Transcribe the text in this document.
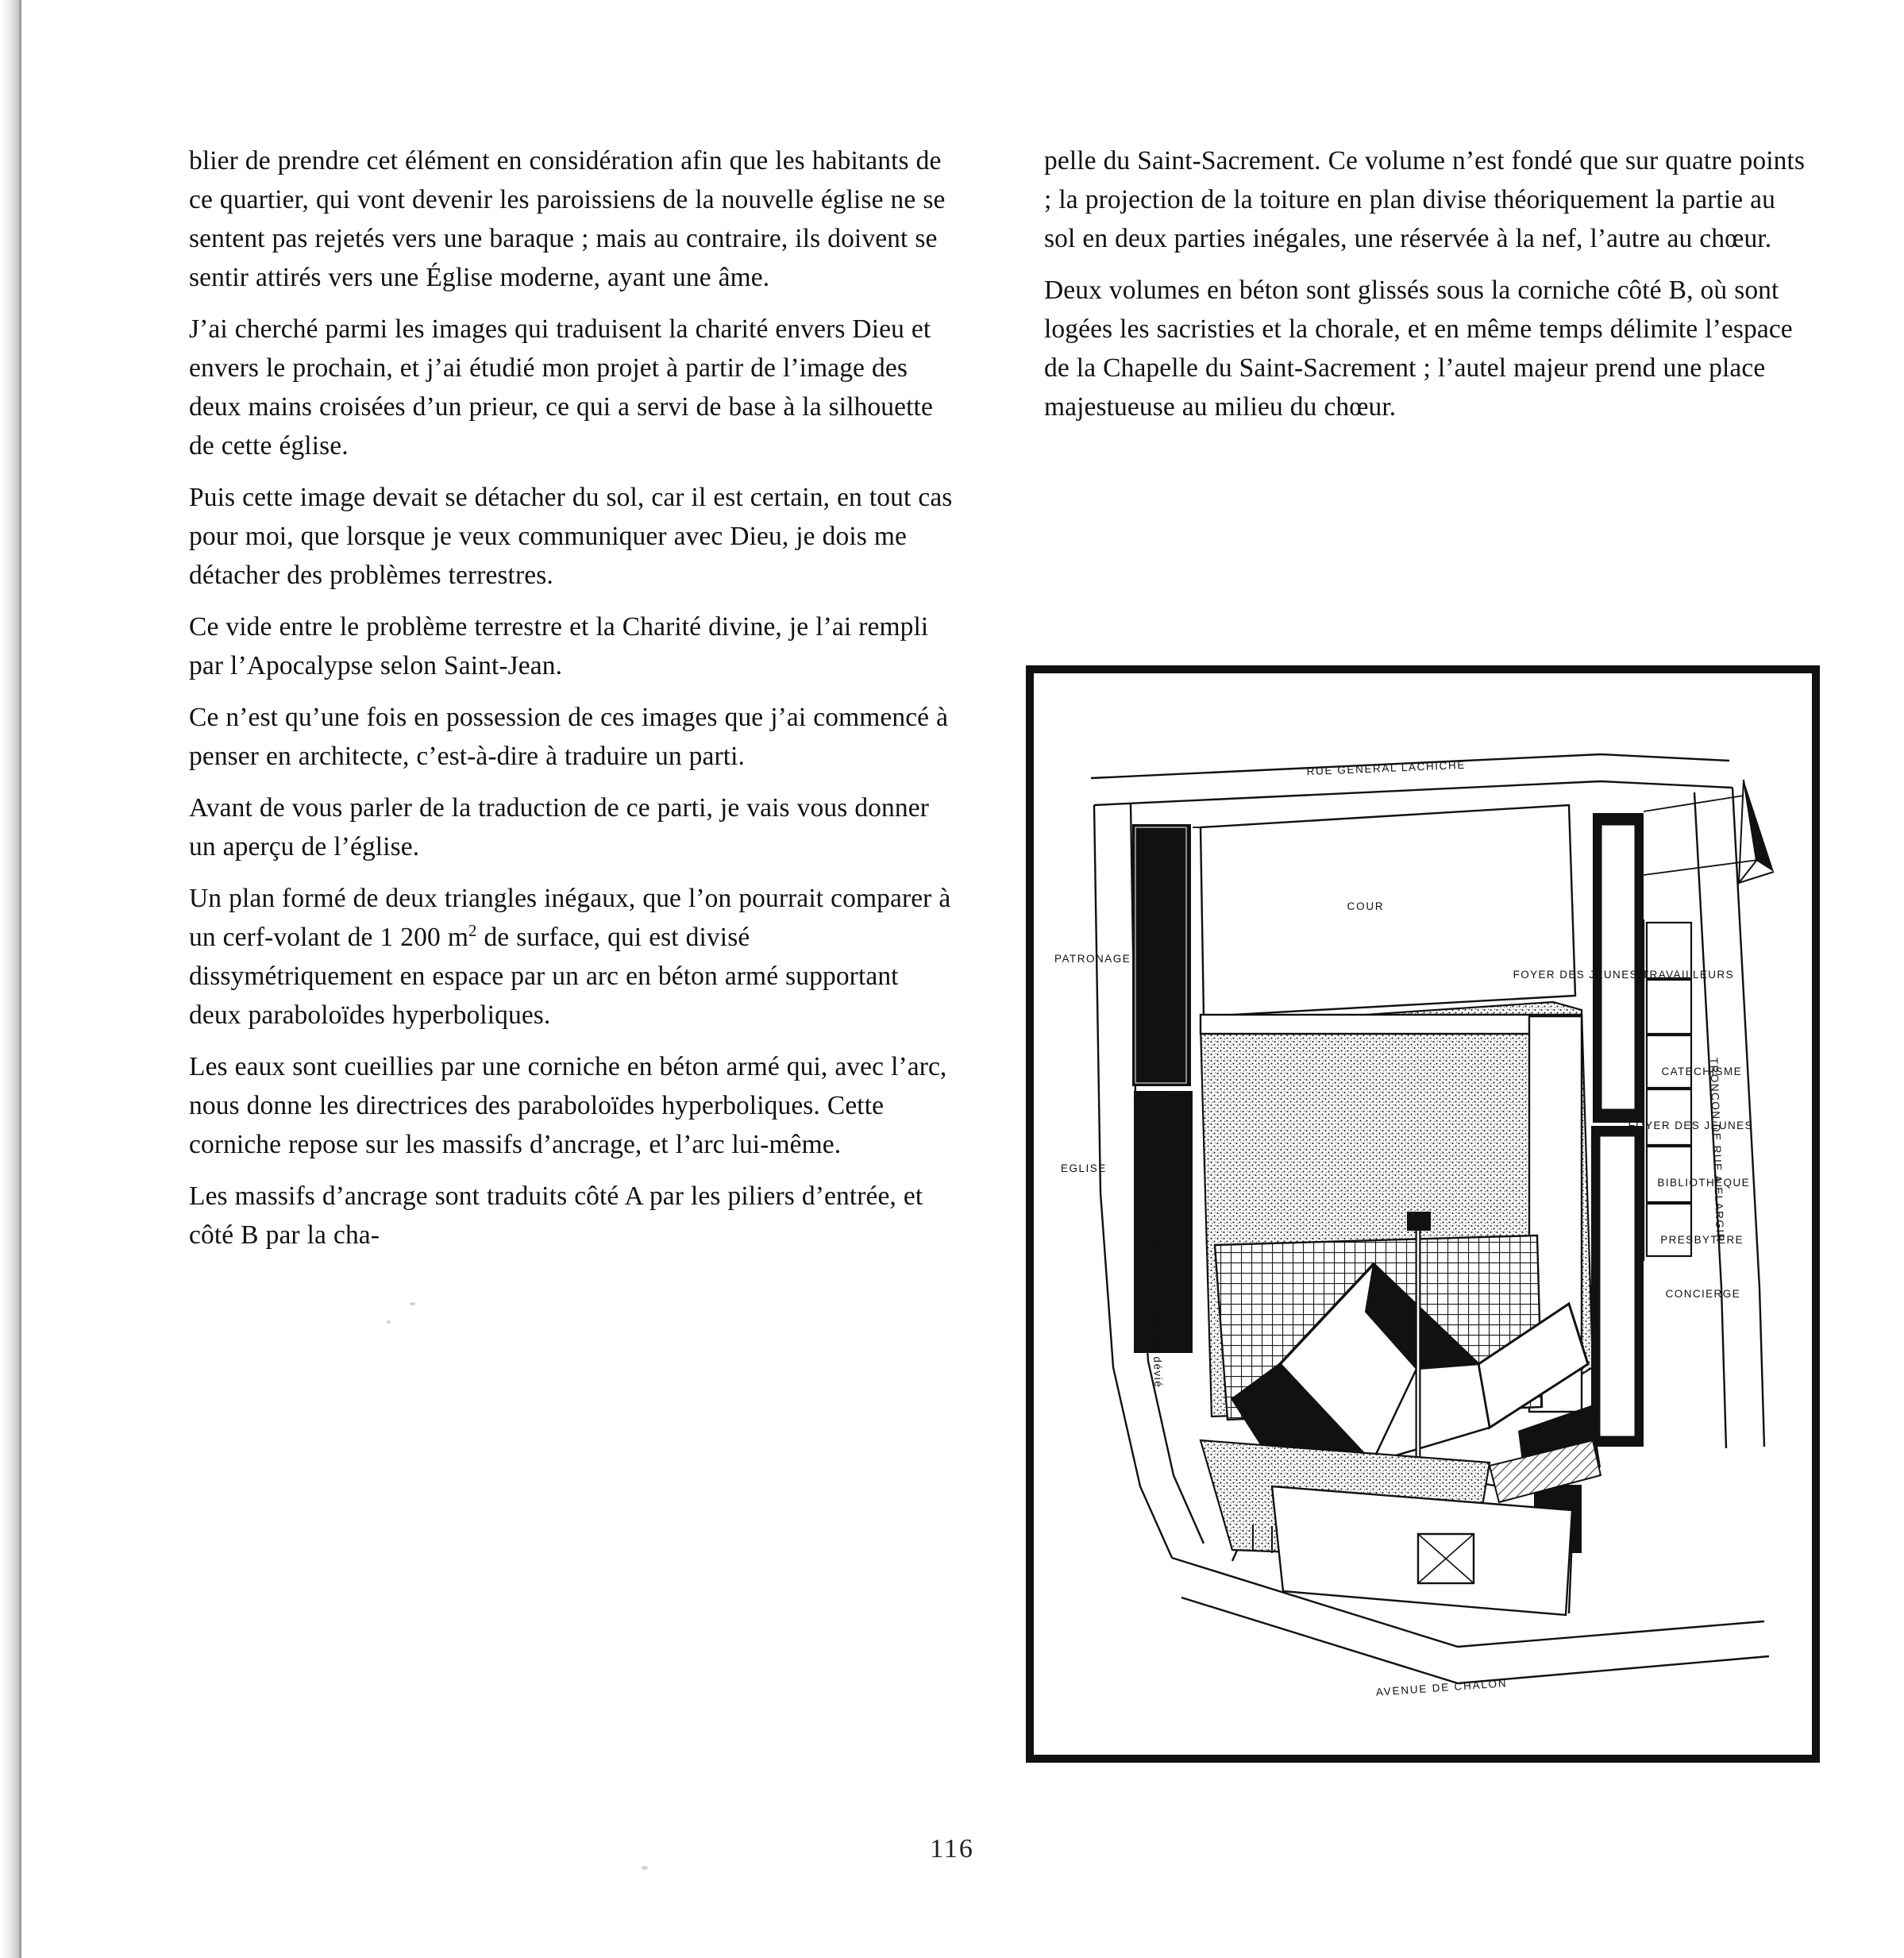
blier de prendre cet élément en considération afin que les habitants de ce quartier, qui vont devenir les paroissiens de la nouvelle église ne se sentent pas rejetés vers une baraque ; mais au contraire, ils doivent se sentir attirés vers une Église moderne, ayant une âme.

J’ai cherché parmi les images qui traduisent la charité envers Dieu et envers le prochain, et j’ai étudié mon projet à partir de l’image des deux mains croisées d’un prieur, ce qui a servi de base à la silhouette de cette église.

Puis cette image devait se détacher du sol, car il est certain, en tout cas pour moi, que lorsque je veux communiquer avec Dieu, je dois me détacher des problèmes terrestres.

Ce vide entre le problème terrestre et la Charité divine, je l’ai rempli par l’Apocalypse selon Saint-Jean.

Ce n’est qu’une fois en possession de ces images que j’ai commencé à penser en architecte, c’est-à-dire à traduire un parti.

Avant de vous parler de la traduction de ce parti, je vais vous donner un aperçu de l’église.

Un plan formé de deux triangles inégaux, que l’on pourrait comparer à un cerf-volant de 1 200 $m^2$ de surface, qui est divisé dissymétriquement en espace par un arc en béton armé supportant deux paraboloïdes hyperboliques.

Les eaux sont cueillies par une corniche en béton armé qui, avec l’arc, nous donne les directrices des paraboloïdes hyperboliques. Cette corniche repose sur les massifs d’ancrage, et l’arc lui-même.

Les massifs d’ancrage sont traduits côté A par les piliers d’entrée, et côté B par la cha-

pelle du Saint-Sacrement. Ce volume n’est fondé que sur quatre points ; la projection de la toiture en plan divise théoriquement la partie au sol en deux parties inégales, une réservée à la nef, l’autre au chœur.

Deux volumes en béton sont glissés sous la corniche côté B, où sont logées les sacristies et la chorale, et en même temps délimite l’espace de la Chapelle du Saint-Sacrement ; l’autel majeur prend une place majestueuse au milieu du chœur.

RUE GENERAL LACHICHE
COUR
PATRONAGE
EGLISE
RUE DE PLUMONT dévié
TRONCON DE RUE A ELARGIR
FOYER DES JEUNES TRAVAILLEURS
CATECHISME
FOYER DES JEUNES
BIBLIOTHEQUE
PRESBYTERE
CONCIERGE
AVENUE DE CHALON
116
